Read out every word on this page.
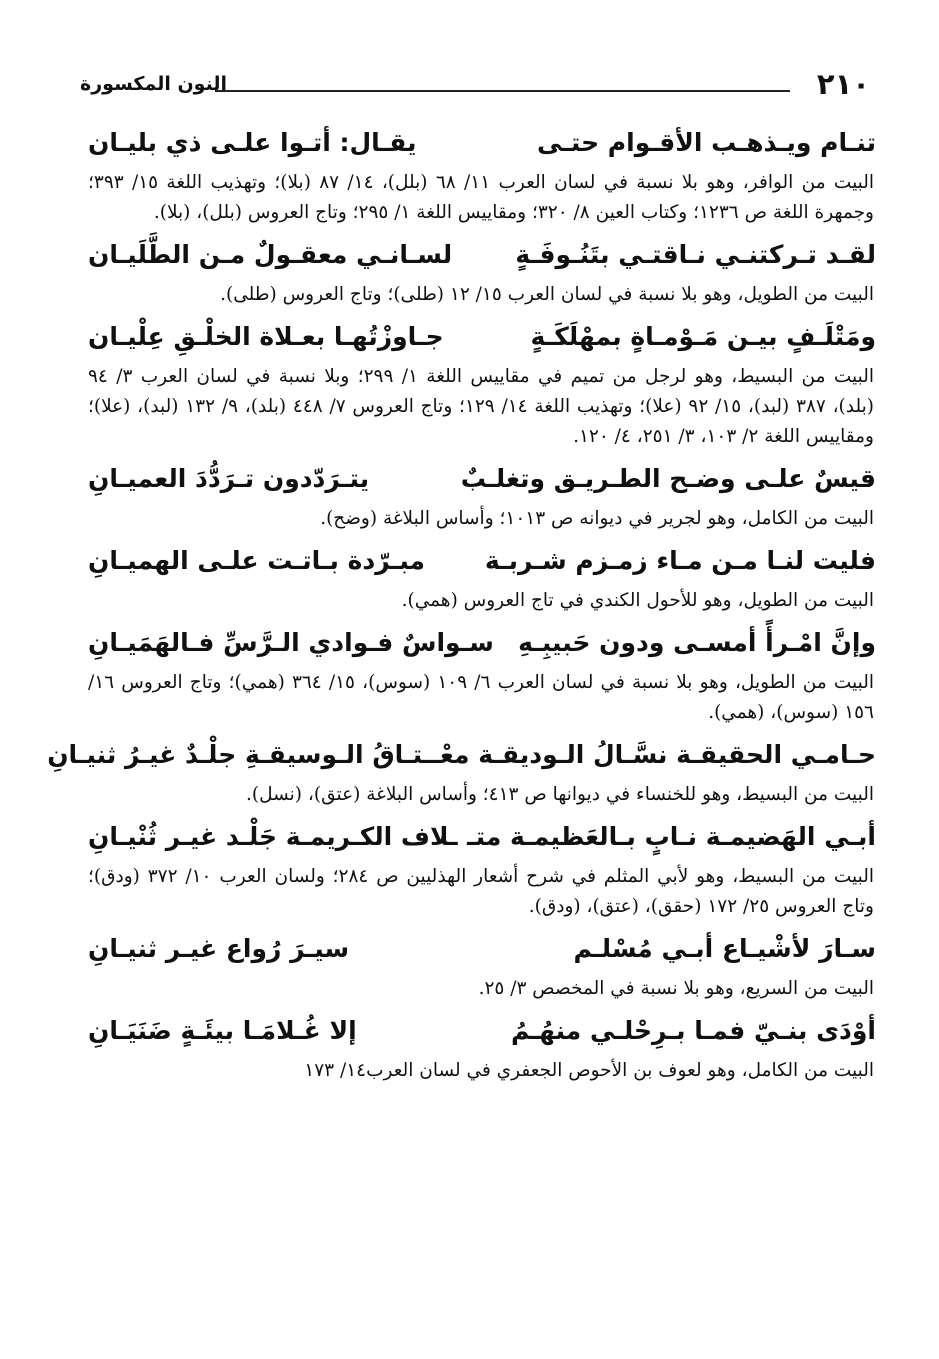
٢١٠
النون المكسورة
تنـام ويـذهـب الأقـوام حتـى
يقـال: أتـوا علـى ذي بليـان

البيت من الوافر، وهو بلا نسبة في لسان العرب ١١/ ٦٨ (بلل)، ١٤/ ٨٧ (بلا)؛ وتهذيب اللغة ١٥/ ٣٩٣؛ وجمهرة اللغة ص ١٢٣٦؛ وكتاب العين ٨/ ٣٢٠؛ ومقاييس اللغة ١/ ٢٩٥؛ وتاج العروس (بلل)، (بلا).

لقـد تـركتنـي نـاقتـي بتَنُـوفَـةٍ
لسـانـي معقـولٌ مـن الطَّلَيـان

البيت من الطويل، وهو بلا نسبة في لسان العرب ١٥/ ١٢ (طلى)؛ وتاج العروس (طلى).

ومَتْلَـفٍ بيـن مَـوْمـاةٍ بمهْلَكَـةٍ
جـاوزْتُهـا بعـلاة الخلْـقِ عِلْيـان

البيت من البسيط، وهو لرجل من تميم في مقاييس اللغة ١/ ٢٩٩؛ وبلا نسبة في لسان العرب ٣/ ٩٤ (بلد)، ٣٨٧ (لبد)، ١٥/ ٩٢ (علا)؛ وتهذيب اللغة ١٤/ ١٢٩؛ وتاج العروس ٧/ ٤٤٨ (بلد)، ٩/ ١٣٢ (لبد)، (علا)؛ ومقاييس اللغة ٢/ ١٠٣، ٣/ ٢٥١، ٤/ ١٢٠.

قيسٌ علـى وضـح الطـريـق وتغلـبٌ
يتـرَدّدون تـرَدُّدَ العميـانِ

البيت من الكامل، وهو لجرير في ديوانه ص ١٠١٣؛ وأساس البلاغة (وضح).

فليت لنـا مـن مـاء زمـزم شـربـة
مبـرّدة بـاتـت علـى الهميـانِ

البيت من الطويل، وهو للأحول الكندي في تاج العروس (همي).

وإنَّ امْـرأً أمسـى ودون حَبيبِـهِ
سـواسٌ فـوادي الـرَّسِّ فـالهَمَيـانِ

البيت من الطويل، وهو بلا نسبة في لسان العرب ٦/ ١٠٩ (سوس)، ١٥/ ٣٦٤ (همي)؛ وتاج العروس ١٦/ ١٥٦ (سوس)، (همي).

حـامـي الحقيقـة نسَّـالُ الـوديقـة معْـ
ـتـاقُ الـوسيقـةِ جلْـدٌ غيـرُ ثنيـانِ

البيت من البسيط، وهو للخنساء في ديوانها ص ٤١٣؛ وأساس البلاغة (عتق)، (نسل).

أبـي الهَضيمـة نـابٍ بـالعَظيمـة متـ
ـلاف الكـريمـة جَلْـد غيـر ثُنْيـانِ

البيت من البسيط، وهو لأبي المثلم في شرح أشعار الهذليين ص ٢٨٤؛ ولسان العرب ١٠/ ٣٧٢ (ودق)؛ وتاج العروس ٢٥/ ١٧٢ (حقق)، (عتق)، (ودق).

سـارَ لأشْيـاع أبـي مُسْلـم
سيـرَ رُواع غيـر ثنيـانِ

البيت من السريع، وهو بلا نسبة في المخصص ٣/ ٢٥.

أوْدَى بنـيّ فمـا بـرِحْلـي منهُـمُ
إلا غُـلامَـا بيئَـةٍ ضَنَيَـانِ

البيت من الكامل، وهو لعوف بن الأحوص الجعفري في لسان العرب١٤/ ١٧٣
